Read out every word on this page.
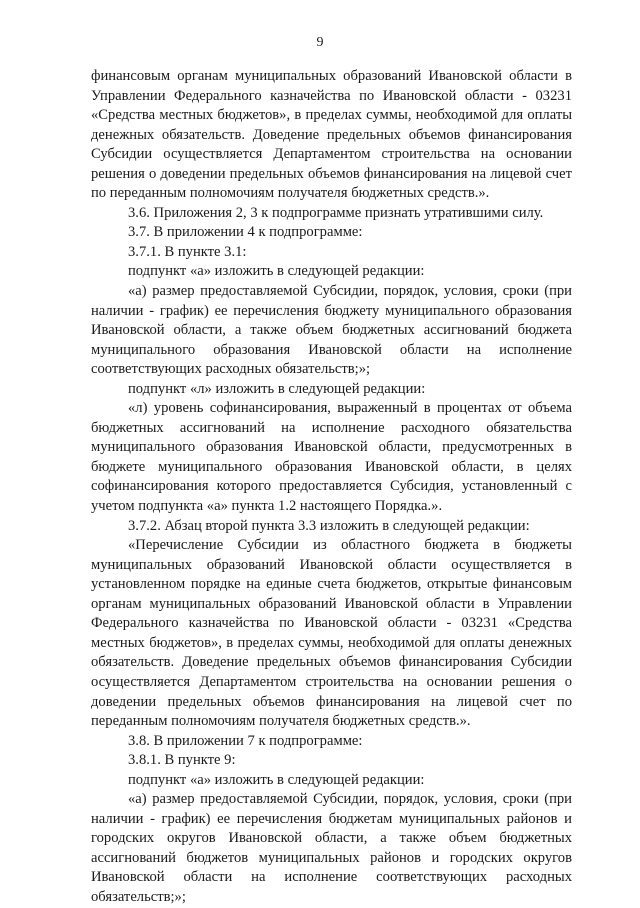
9

финансовым органам муниципальных образований Ивановской области в Управлении Федерального казначейства по Ивановской области - 03231 «Средства местных бюджетов», в пределах суммы, необходимой для оплаты денежных обязательств. Доведение предельных объемов финансирования Субсидии осуществляется Департаментом строительства на основании решения о доведении предельных объемов финансирования на лицевой счет по переданным полномочиям получателя бюджетных средств.».

3.6. Приложения 2, 3 к подпрограмме признать утратившими силу.

3.7. В приложении 4 к подпрограмме:

3.7.1. В пункте 3.1:

подпункт «а» изложить в следующей редакции:

«а) размер предоставляемой Субсидии, порядок, условия, сроки (при наличии - график) ее перечисления бюджету муниципального образования Ивановской области, а также объем бюджетных ассигнований бюджета муниципального образования Ивановской области на исполнение соответствующих расходных обязательств;»;

подпункт «л» изложить в следующей редакции:

«л) уровень софинансирования, выраженный в процентах от объема бюджетных ассигнований на исполнение расходного обязательства муниципального образования Ивановской области, предусмотренных в бюджете муниципального образования Ивановской области, в целях софинансирования которого предоставляется Субсидия, установленный с учетом подпункта «а» пункта 1.2 настоящего Порядка.».

3.7.2. Абзац второй пункта 3.3 изложить в следующей редакции:

«Перечисление Субсидии из областного бюджета в бюджеты муниципальных образований Ивановской области осуществляется в установленном порядке на единые счета бюджетов, открытые финансовым органам муниципальных образований Ивановской области в Управлении Федерального казначейства по Ивановской области - 03231 «Средства местных бюджетов», в пределах суммы, необходимой для оплаты денежных обязательств. Доведение предельных объемов финансирования Субсидии осуществляется Департаментом строительства на основании решения о доведении предельных объемов финансирования на лицевой счет по переданным полномочиям получателя бюджетных средств.».

3.8. В приложении 7 к подпрограмме:

3.8.1. В пункте 9:

подпункт «а» изложить в следующей редакции:

«а) размер предоставляемой Субсидии, порядок, условия, сроки (при наличии - график) ее перечисления бюджетам муниципальных районов и городских округов Ивановской области, а также объем бюджетных ассигнований бюджетов муниципальных районов и городских округов Ивановской области на исполнение соответствующих расходных обязательств;»;
